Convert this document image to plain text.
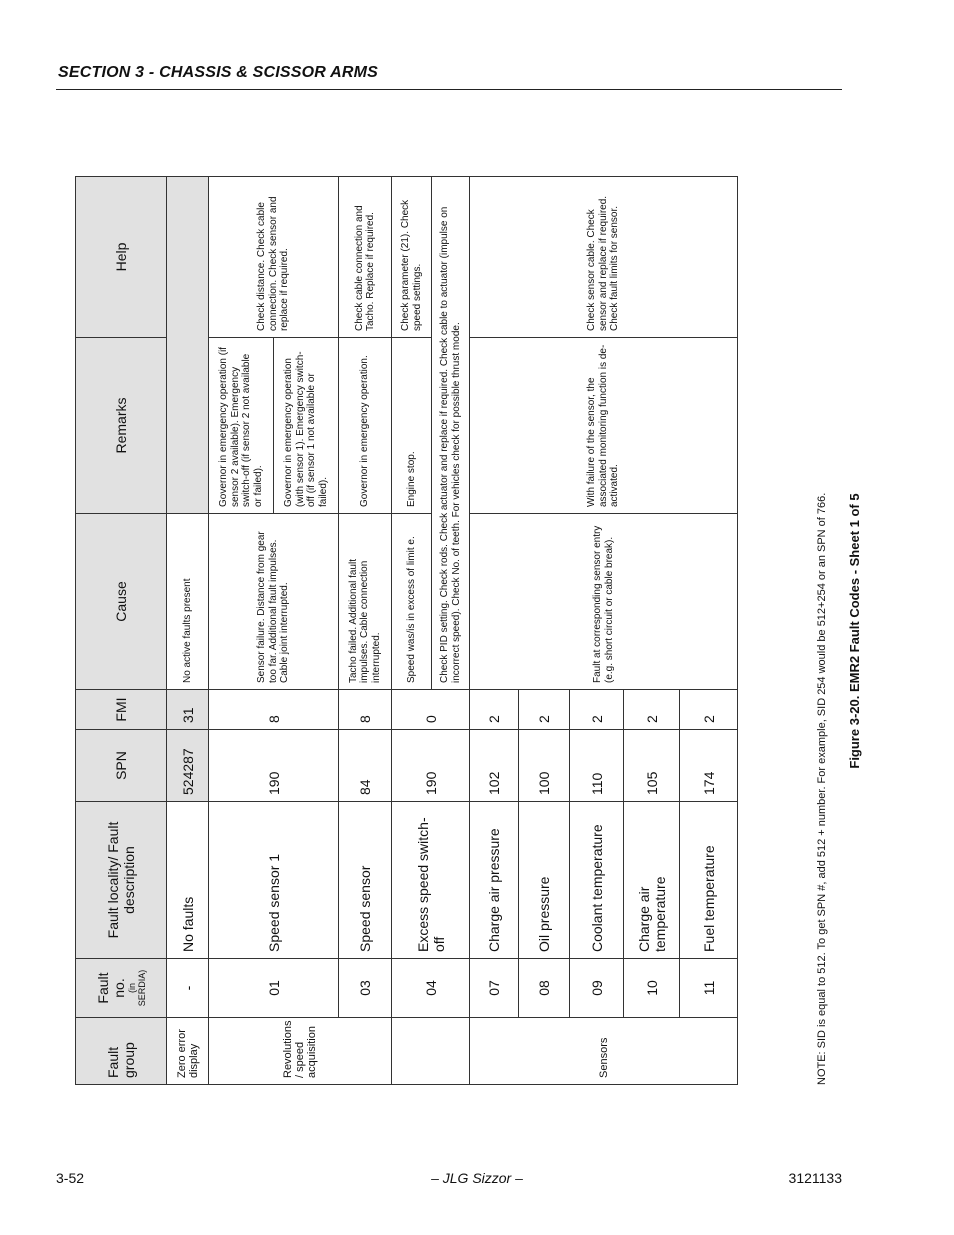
SECTION 3 - CHASSIS & SCISSOR ARMS
Fault group	Fault no. (in SERDIA)	Fault locality/ Fault description	SPN	FMI	Cause	Remarks	Help
Zero error display	-	No faults	524287	31	No active faults present		
Revolutions / speed acquisition	01	Speed sensor 1	190	8	Sensor failure. Distance from gear too far. Additional fault impulses. Cable joint interrupted.	Governor in emergency operation (if sensor 2 available). Emergency switch-off (if sensor 2 not available or failed).	Check distance. Check cable connection. Check sensor and replace if required.
						Governor in emergency operation (with sensor 1). Emergency switch-off (if sensor 1 not available or failed).	
	03	Speed sensor	84	8	Tacho failed. Additional fault impulses. Cable connection interrupted.	Governor in emergency operation.	Check cable connection and Tacho. Replace if required.
	04	Excess speed switch-off	190	0	Speed was/is in excess of limit e.	Engine stop.	Check parameter (21). Check speed settings.
					Check PID setting. Check rods. Check actuator and replace if required. Check cable to actuator (impulse on incorrect speed). Check No. of teeth. For vehicles check for possible thrust mode.		
Sensors	07	Charge air pressure	102	2	Fault at corresponding sensor entry (e.g. short circuit or cable break).	With failure of the sensor, the associated monitoring function is de-activated.	Check sensor cable. Check sensor and replace if required. Check fault limits for sensor.
	08	Oil pressure	100	2			
	09	Coolant temperature	110	2			
	10	Charge air temperature	105	2			
	11	Fuel temperature	174	2				NOTE: SID is equal to 512. To get SPN #, add 512 + number. For example, SID 254 would be 512+254 or an SPN of 766. Figure 3-20. EMR2 Fault Codes - Sheet 1 of 5
3-52	– JLG Sizzor –	3121133
